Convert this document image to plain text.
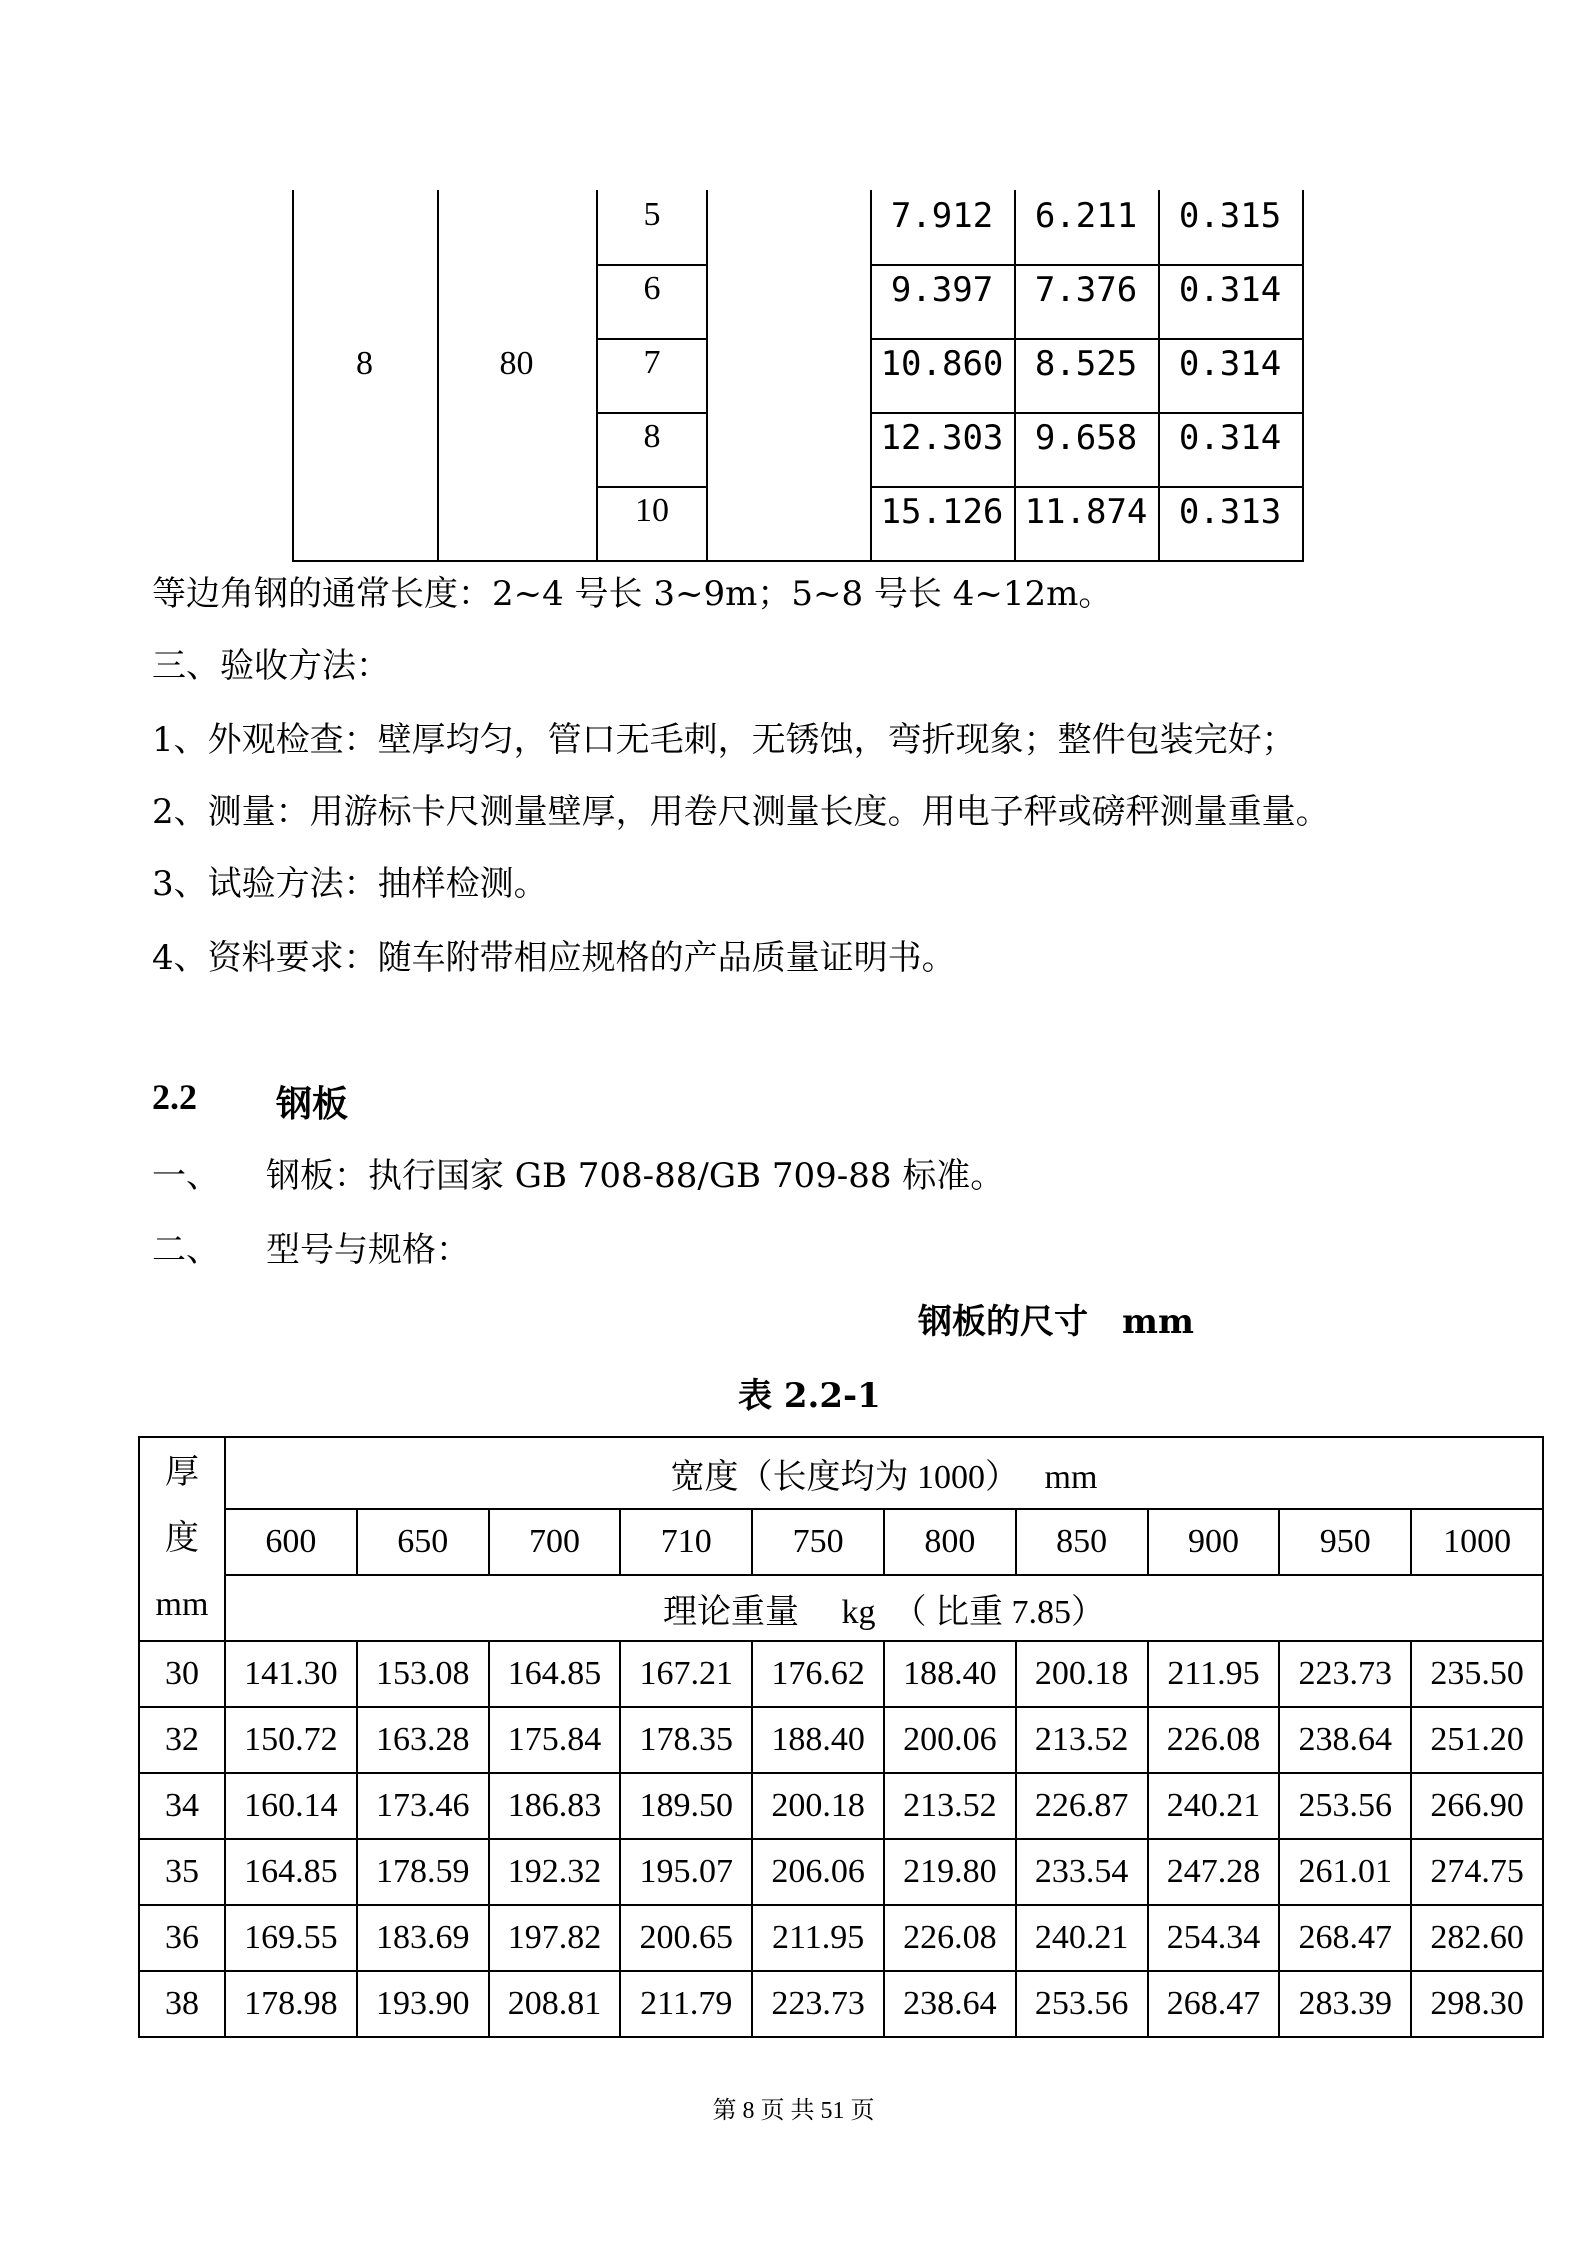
8	80
5	7.912	6.211	0.315
6	9.397	7.376	0.314
7	10.860 8.525	0.314
8	12.303 9.658	0.314
10	15.126 11.874 0.313
等边角钢的通常长度：2~4 号长 3~9m；5~8 号长 4~12m。
三、验收方法：
1、外观检查：壁厚均匀，管口无毛刺，无锈蚀，弯折现象；整件包装完好；
2、测量：用游标卡尺测量壁厚，用卷尺测量长度。用电子秤或磅秤测量重量。
3、试验方法：抽样检测。
4、资料要求：随车附带相应规格的产品质量证明书。
2.2 钢板
一、 钢板：执行国家 GB 708-88/GB 709-88 标准。
二、 型号与规格：
钢板的尺寸　mm
表 2.2-1
厚
度
mm	宽度（长度均为 1000）　 mm									
	600	650	700	710	750	800	850	900	950	1000
	理论重量　 kg　（ 比重 7.85）									
30	141.30	153.08	164.85	167.21	176.62	188.40	200.18	211.95	223.73	235.50
32	150.72	163.28	175.84	178.35	188.40	200.06	213.52	226.08	238.64	251.20
34	160.14	173.46	186.83	189.50	200.18	213.52	226.87	240.21	253.56	266.90
35	164.85	178.59	192.32	195.07	206.06	219.80	233.54	247.28	261.01	274.75
36	169.55	183.69	197.82	200.65	211.95	226.08	240.21	254.34	268.47	282.60
38	178.98	193.90	208.81	211.79	223.73	238.64	253.56	268.47	283.39	298.30
第 8 页 共 51 页
